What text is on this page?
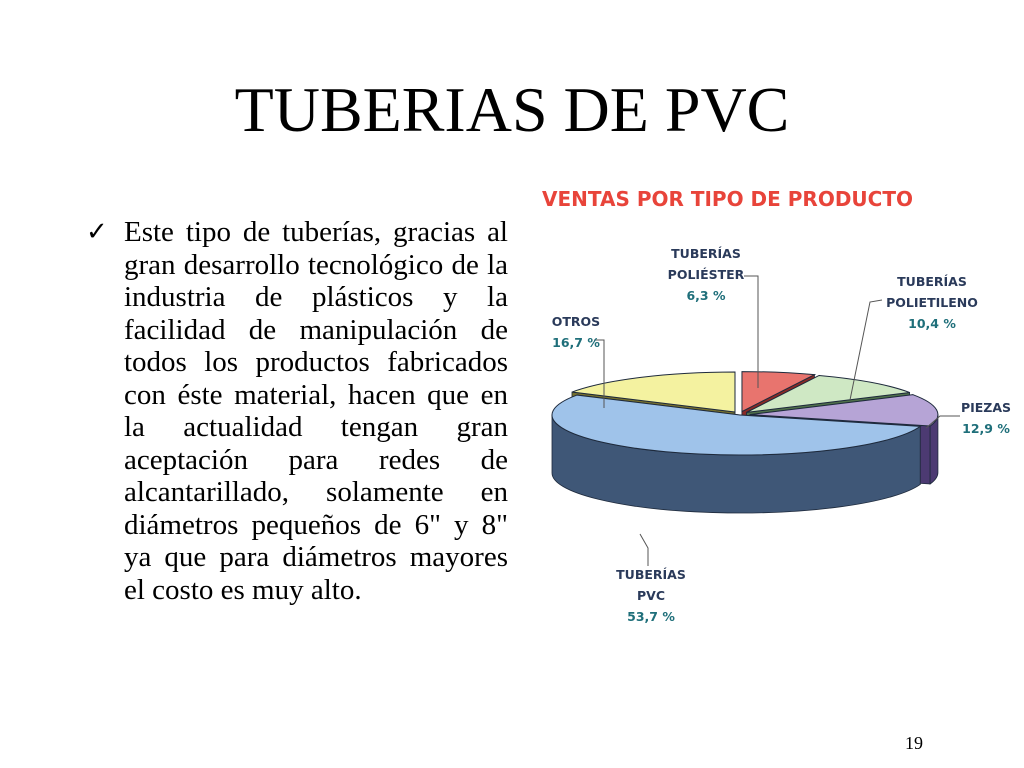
TUBERIAS DE PVC
✓ Este tipo de tuberías, gracias al gran desarrollo tecnológico de la industria de plásticos y la facilidad de manipulación de todos los productos fabricados con éste material, hacen que en la actualidad tengan gran aceptación para redes de alcantarillado, solamente en diámetros pequeños de 6" y 8" ya que para diámetros mayores el costo es muy alto.

VENTAS POR TIPO DE PRODUCTO
TUBERÍAS
POLIÉSTER
6,3 %
TUBERÍAS
POLIETILENO
10,4 %
PIEZAS
12,9 %
TUBERÍAS
PVC
53,7 %
OTROS
16,7 %
19
